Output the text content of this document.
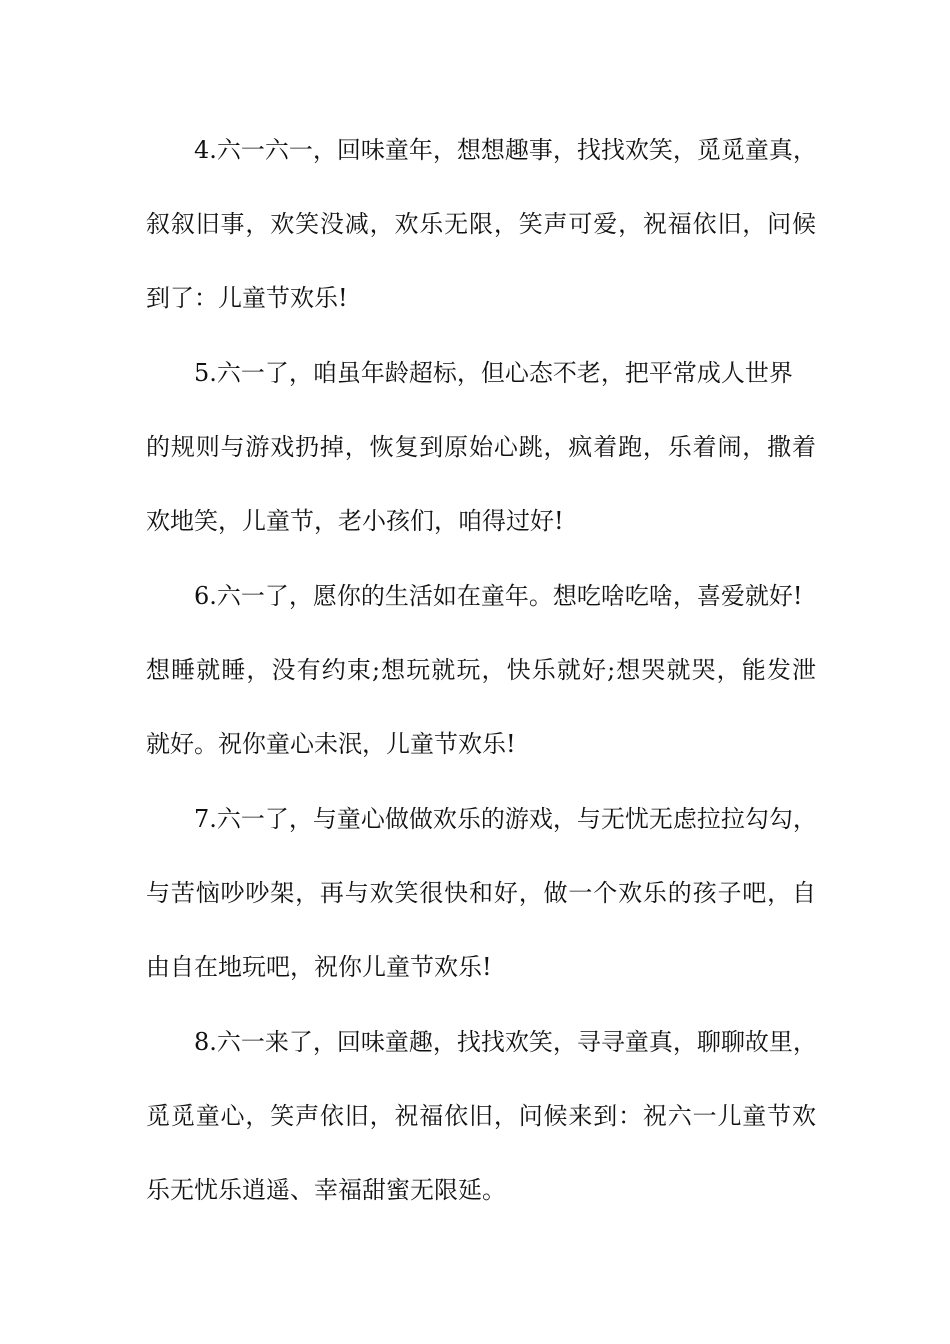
4.六一六一，回味童年，想想趣事，找找欢笑，觅觅童真，
叙叙旧事，欢笑没减，欢乐无限，笑声可爱，祝福依旧，问候
到了：儿童节欢乐!
5.六一了，咱虽年龄超标，但心态不老，把平常成人世界
的规则与游戏扔掉，恢复到原始心跳，疯着跑，乐着闹，撒着
欢地笑，儿童节，老小孩们，咱得过好!
6.六一了，愿你的生活如在童年。想吃啥吃啥，喜爱就好!
想睡就睡，没有约束;想玩就玩，快乐就好;想哭就哭，能发泄
就好。祝你童心未泯，儿童节欢乐!
7.六一了，与童心做做欢乐的游戏，与无忧无虑拉拉勾勾，
与苦恼吵吵架，再与欢笑很快和好，做一个欢乐的孩子吧，自
由自在地玩吧，祝你儿童节欢乐!
8.六一来了，回味童趣，找找欢笑，寻寻童真，聊聊故里，
觅觅童心，笑声依旧，祝福依旧，问候来到：祝六一儿童节欢
乐无忧乐逍遥、幸福甜蜜无限延。
